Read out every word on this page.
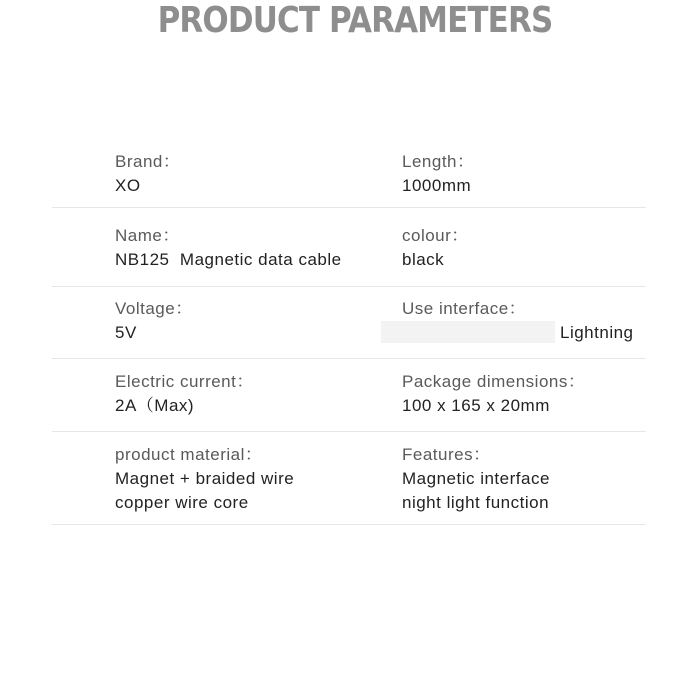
PRODUCT PARAMETERS
Brand：
XO
Length：
1000mm
Name：
NB125  Magnetic data cable
colour：
black
Voltage：
5V
Use interface：
Lightning
Electric current：
2A（Max)
Package dimensions：
100 x 165 x 20mm
product material：
Magnet + braided wire
copper wire core
Features：
Magnetic interface
night light function
